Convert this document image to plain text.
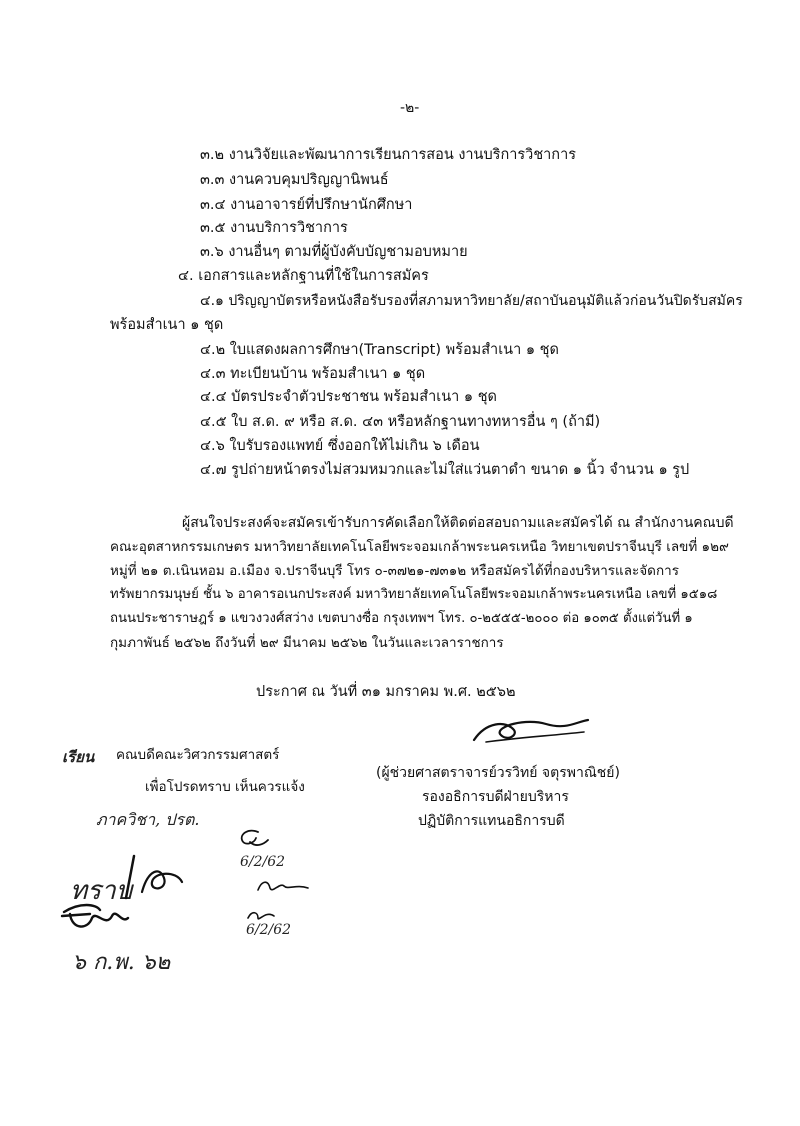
-๒-
๓.๒ งานวิจัยและพัฒนาการเรียนการสอน งานบริการวิชาการ
๓.๓ งานควบคุมปริญญานิพนธ์
๓.๔ งานอาจารย์ที่ปรึกษานักศึกษา
๓.๕ งานบริการวิชาการ
๓.๖ งานอื่นๆ ตามที่ผู้บังคับบัญชามอบหมาย
๔. เอกสารและหลักฐานที่ใช้ในการสมัคร
๔.๑ ปริญญาบัตรหรือหนังสือรับรองที่สภามหาวิทยาลัย/สถาบันอนุมัติแล้วก่อนวันปิดรับสมัคร
พร้อมสำเนา ๑ ชุด
๔.๒ ใบแสดงผลการศึกษา(Transcript) พร้อมสำเนา ๑ ชุด
๔.๓ ทะเบียนบ้าน พร้อมสำเนา ๑ ชุด
๔.๔ บัตรประจำตัวประชาชน พร้อมสำเนา ๑ ชุด
๔.๕ ใบ ส.ด. ๙ หรือ ส.ด. ๔๓ หรือหลักฐานทางทหารอื่น ๆ (ถ้ามี)
๔.๖ ใบรับรองแพทย์ ซึ่งออกให้ไม่เกิน ๖ เดือน
๔.๗ รูปถ่ายหน้าตรงไม่สวมหมวกและไม่ใส่แว่นตาดำ ขนาด ๑ นิ้ว จำนวน ๑ รูป
ผู้สนใจประสงค์จะสมัครเข้ารับการคัดเลือกให้ติดต่อสอบถามและสมัครได้ ณ สำนักงานคณบดี
คณะอุตสาหกรรมเกษตร มหาวิทยาลัยเทคโนโลยีพระจอมเกล้าพระนครเหนือ วิทยาเขตปราจีนบุรี เลขที่ ๑๒๙
หมู่ที่ ๒๑ ต.เนินหอม อ.เมือง จ.ปราจีนบุรี โทร ๐-๓๗๒๑-๗๓๑๒ หรือสมัครได้ที่กองบริหารและจัดการ
ทรัพยากรมนุษย์ ชั้น ๖ อาคารอเนกประสงค์ มหาวิทยาลัยเทคโนโลยีพระจอมเกล้าพระนครเหนือ เลขที่ ๑๕๑๘
ถนนประชาราษฎร์ ๑ แขวงวงศ์สว่าง เขตบางซื่อ กรุงเทพฯ โทร. ๐-๒๕๕๕-๒๐๐๐ ต่อ ๑๐๓๕ ตั้งแต่วันที่ ๑
กุมภาพันธ์ ๒๕๖๒ ถึงวันที่ ๒๙ มีนาคม ๒๕๖๒ ในวันและเวลาราชการ
ประกาศ ณ วันที่ ๓๑ มกราคม พ.ศ. ๒๕๖๒
(ผู้ช่วยศาสตราจารย์วรวิทย์ จตุรพาณิชย์)
รองอธิการบดีฝ่ายบริหาร
ปฏิบัติการแทนอธิการบดี
เรียน คณบดีคณะวิศวกรรมศาสตร์
เพื่อโปรดทราบ เห็นควรแจ้ง
ภาควิชา, ปรต.
ทราบ
๖ ก.พ. ๖๒
6/2/62
6/2/62
